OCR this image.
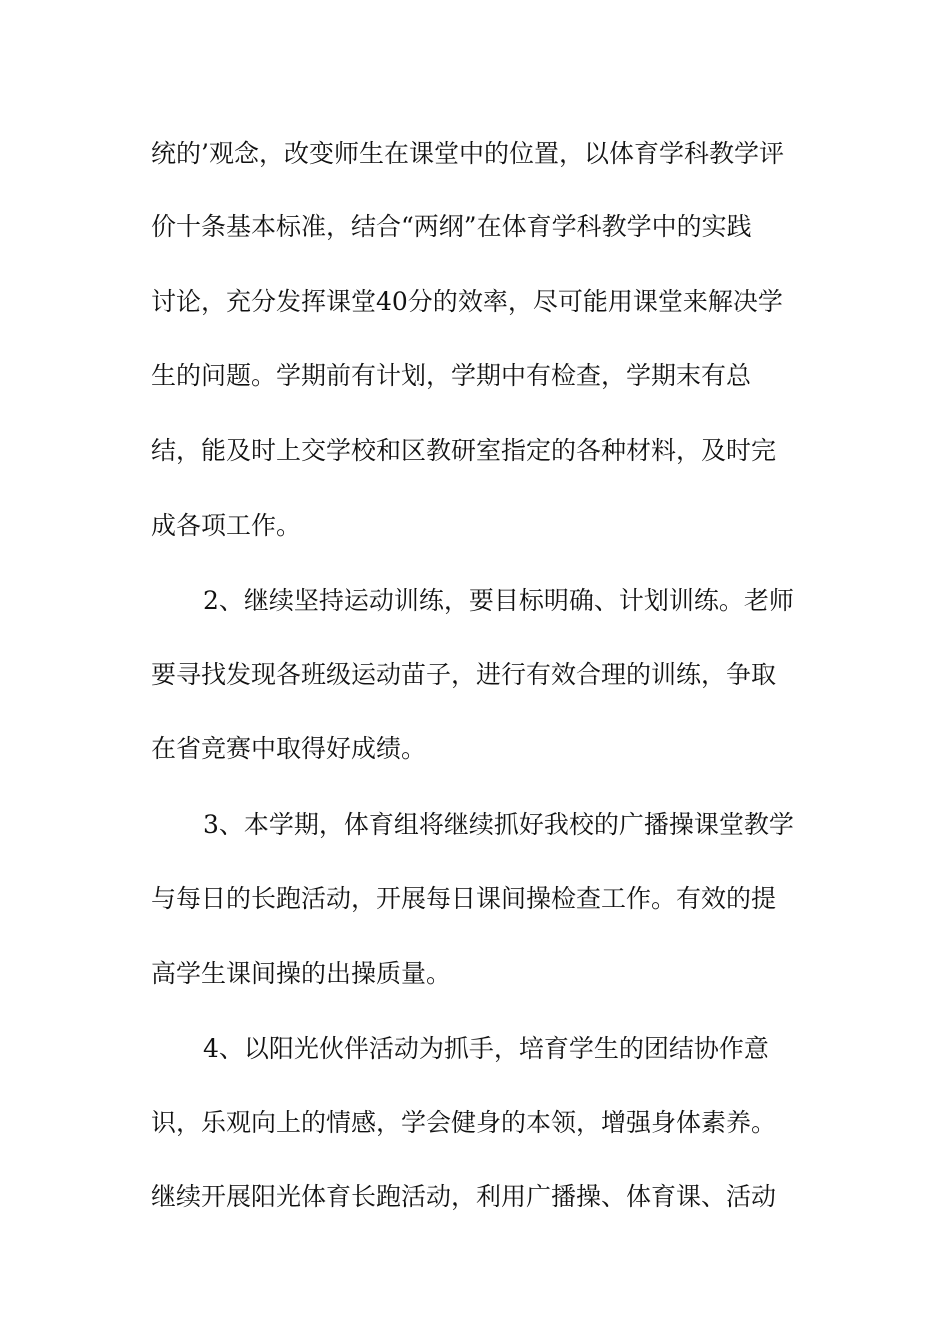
统的’观念，改变师生在课堂中的位置，以体育学科教学评
价十条基本标准，结合“两纲”在体育学科教学中的实践
讨论，充分发挥课堂40分的效率，尽可能用课堂来解决学
生的问题。学期前有计划，学期中有检查，学期末有总
结，能及时上交学校和区教研室指定的各种材料，及时完
成各项工作。
2、继续坚持运动训练，要目标明确、计划训练。老师
要寻找发现各班级运动苗子，进行有效合理的训练，争取
在省竞赛中取得好成绩。
3、本学期，体育组将继续抓好我校的广播操课堂教学
与每日的长跑活动，开展每日课间操检查工作。有效的提
高学生课间操的出操质量。
4、以阳光伙伴活动为抓手，培育学生的团结协作意
识，乐观向上的情感，学会健身的本领，增强身体素养。
继续开展阳光体育长跑活动，利用广播操、体育课、活动
